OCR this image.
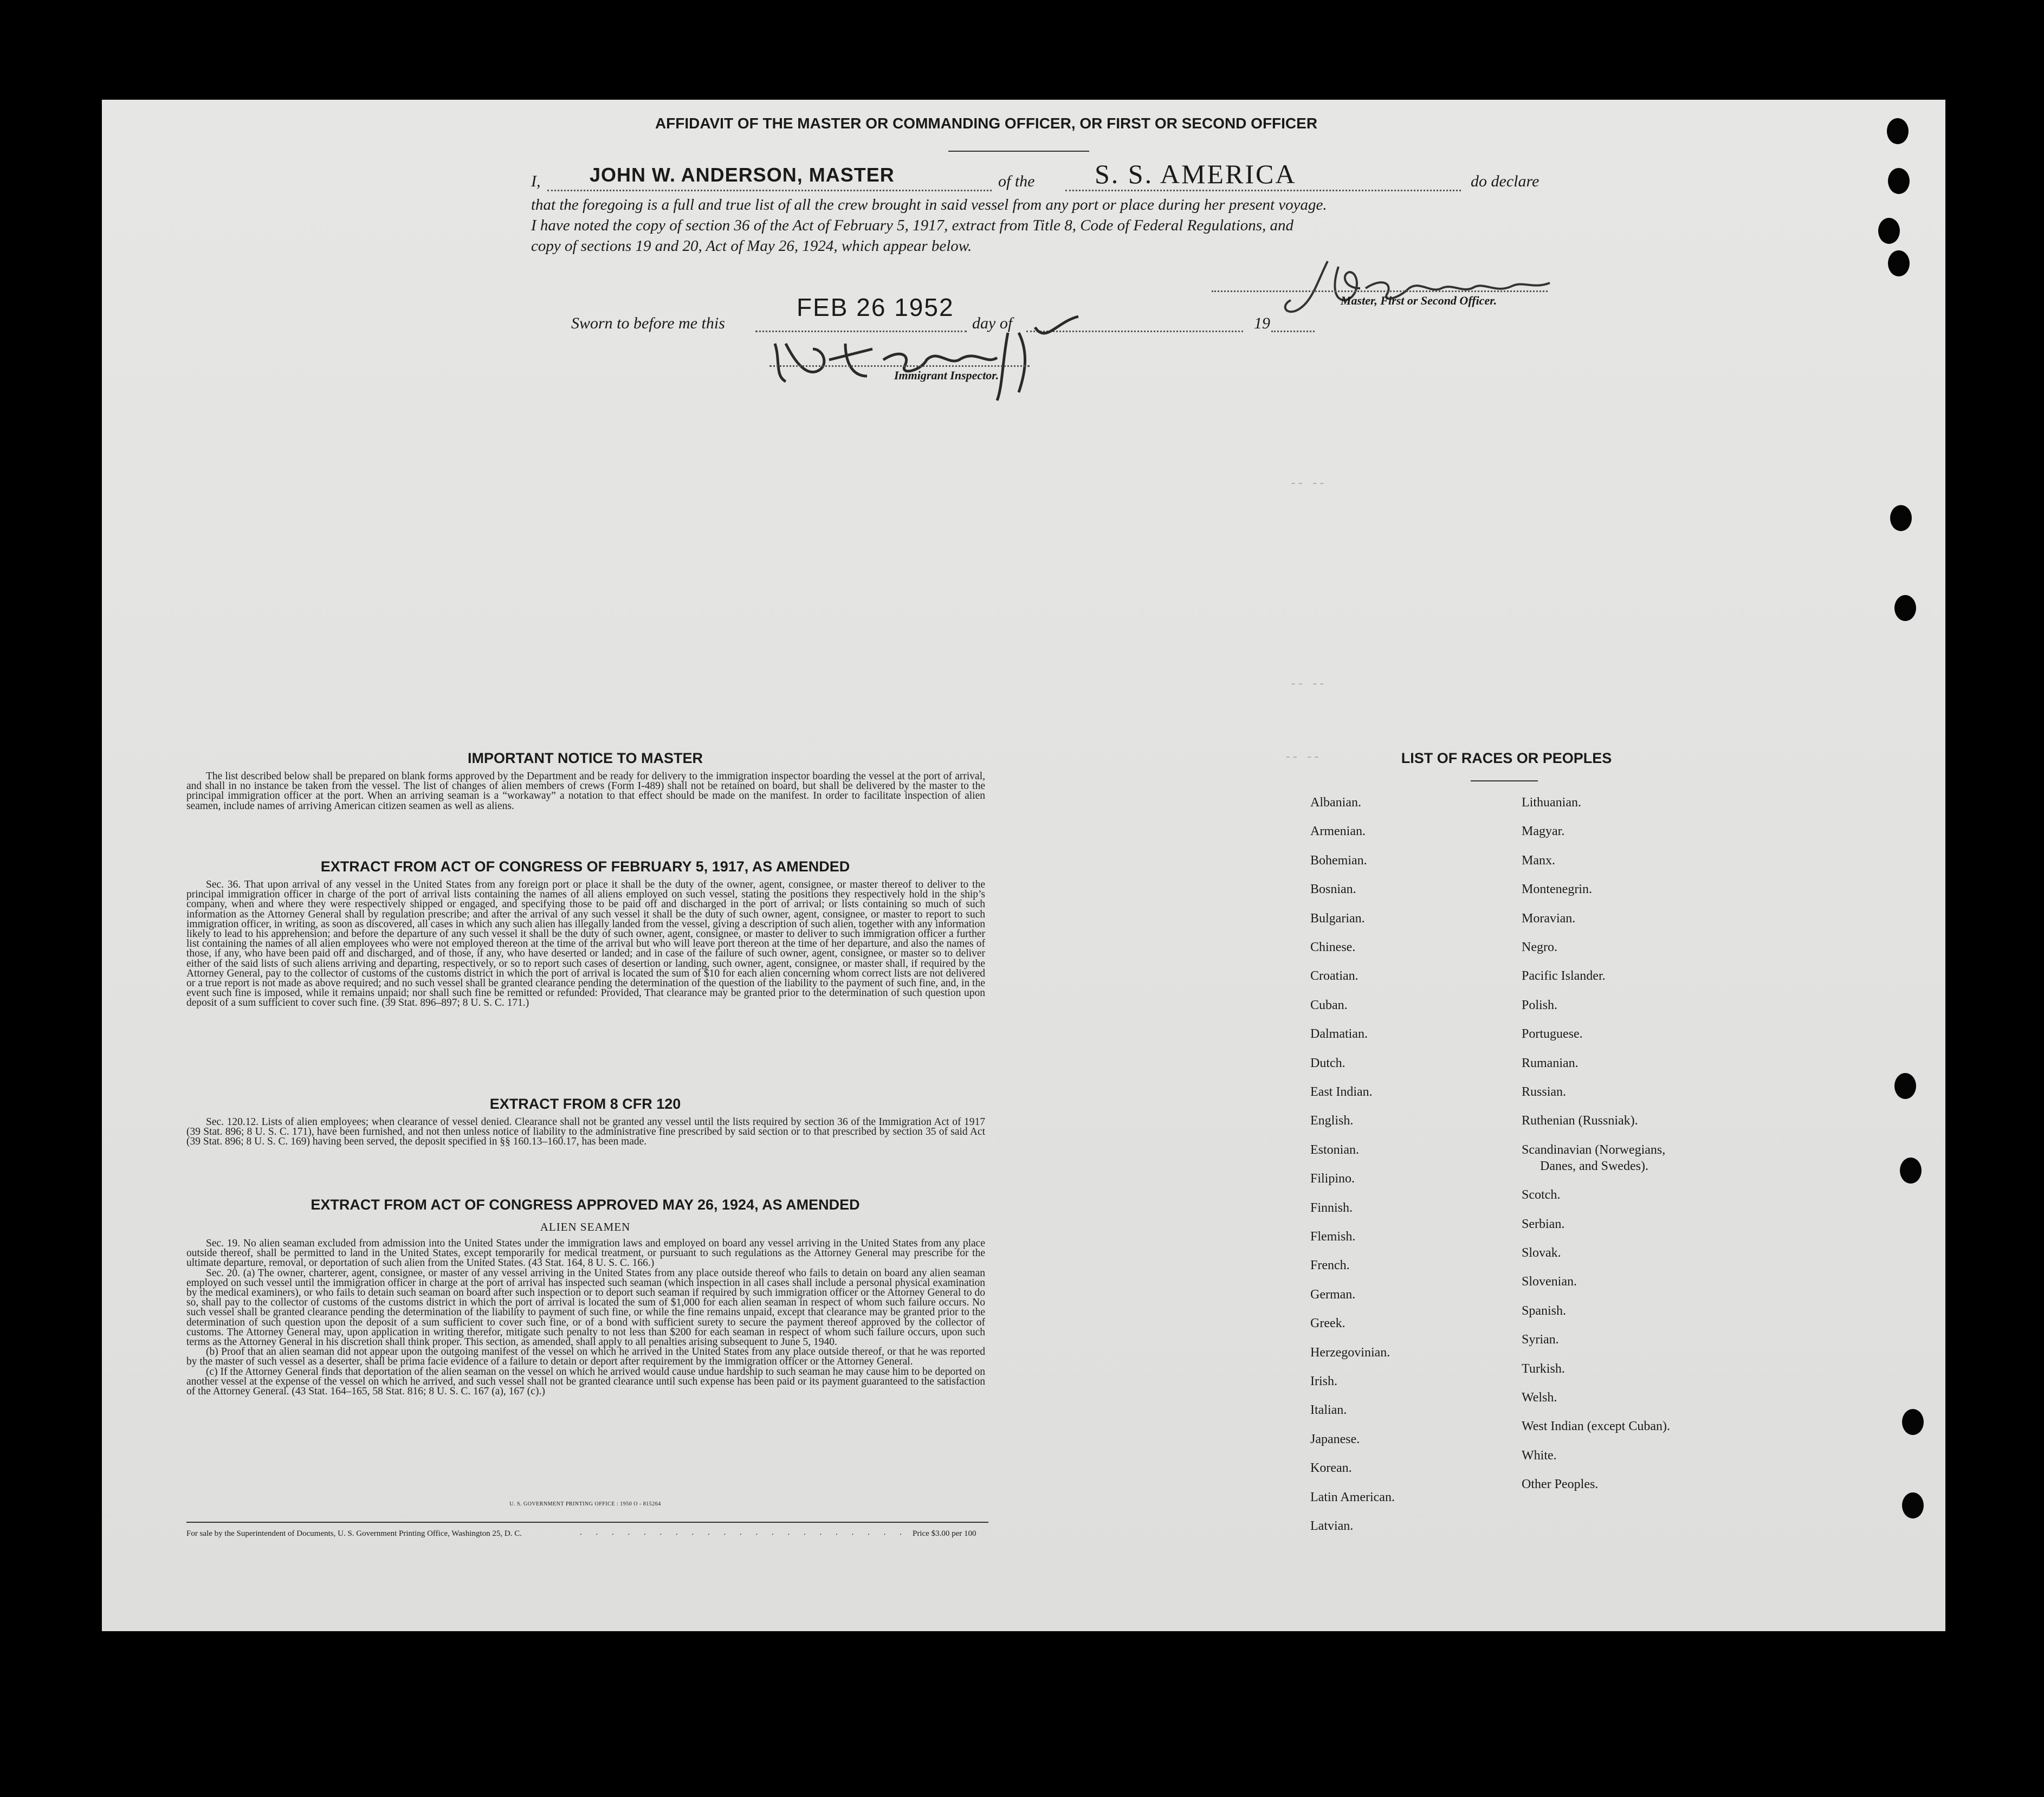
-- --
-- --
-- --
AFFIDAVIT OF THE MASTER OR COMMANDING OFFICER, OR FIRST OR SECOND OFFICER
I,	JOHN W. ANDERSON, MASTER	of the S. S. AMERICA	do declare
that the foregoing is a full and true list of all the crew brought in said vessel from any port or place during her present voyage.
I have noted the copy of section 36 of the Act of February 5, 1917, extract from Title 8, Code of Federal Regulations, and
copy of sections 19 and 20, Act of May 26, 1924, which appear below.
Master, First or Second Officer.
Sworn to before me this
FEB 26 1952
day of	19
Immigrant Inspector.
IMPORTANT NOTICE TO MASTER

The list described below shall be prepared on blank forms approved by the Department and be ready for delivery to the immigration inspector boarding the vessel at the port of arrival, and shall in no instance be taken from the vessel. The list of changes of alien members of crews (Form I-489) shall not be retained on board, but shall be delivered by the master to the principal immigration officer at the port. When an arriving seaman is a “workaway” a notation to that effect should be made on the manifest. In order to facilitate inspection of alien seamen, include names of arriving American citizen seamen as well as aliens.

EXTRACT FROM ACT OF CONGRESS OF FEBRUARY 5, 1917, AS AMENDED

Sec. 36. That upon arrival of any vessel in the United States from any foreign port or place it shall be the duty of the owner, agent, consignee, or master thereof to deliver to the principal immigration officer in charge of the port of arrival lists containing the names of all aliens employed on such vessel, stating the positions they respectively hold in the ship’s company, when and where they were respectively shipped or engaged, and specifying those to be paid off and discharged in the port of arrival; or lists containing so much of such information as the Attorney General shall by regulation prescribe; and after the arrival of any such vessel it shall be the duty of such owner, agent, consignee, or master to report to such immigration officer, in writing, as soon as discovered, all cases in which any such alien has illegally landed from the vessel, giving a description of such alien, together with any information likely to lead to his apprehension; and before the departure of any such vessel it shall be the duty of such owner, agent, consignee, or master to deliver to such immigration officer a further list containing the names of all alien employees who were not employed thereon at the time of the arrival but who will leave port thereon at the time of her departure, and also the names of those, if any, who have been paid off and discharged, and of those, if any, who have deserted or landed; and in case of the failure of such owner, agent, consignee, or master so to deliver either of the said lists of such aliens arriving and departing, respectively, or so to report such cases of desertion or landing, such owner, agent, consignee, or master shall, if required by the Attorney General, pay to the collector of customs of the customs district in which the port of arrival is located the sum of $10 for each alien concerning whom correct lists are not delivered or a true report is not made as above required; and no such vessel shall be granted clearance pending the determination of the question of the liability to the payment of such fine, and, in the event such fine is imposed, while it remains unpaid; nor shall such fine be remitted or refunded: Provided, That clearance may be granted prior to the determination of such question upon deposit of a sum sufficient to cover such fine. (39 Stat. 896–897; 8 U. S. C. 171.)

EXTRACT FROM 8 CFR 120

Sec. 120.12. Lists of alien employees; when clearance of vessel denied. Clearance shall not be granted any vessel until the lists required by section 36 of the Immigration Act of 1917 (39 Stat. 896; 8 U. S. C. 171), have been furnished, and not then unless notice of liability to the administrative fine prescribed by said section or to that prescribed by section 35 of said Act (39 Stat. 896; 8 U. S. C. 169) having been served, the deposit specified in §§ 160.13–160.17, has been made.

EXTRACT FROM ACT OF CONGRESS APPROVED MAY 26, 1924, AS AMENDED
ALIEN SEAMEN

Sec. 19. No alien seaman excluded from admission into the United States under the immigration laws and employed on board any vessel arriving in the United States from any place outside thereof, shall be permitted to land in the United States, except temporarily for medical treatment, or pursuant to such regulations as the Attorney General may prescribe for the ultimate departure, removal, or deportation of such alien from the United States. (43 Stat. 164, 8 U. S. C. 166.)

Sec. 20. (a) The owner, charterer, agent, consignee, or master of any vessel arriving in the United States from any place outside thereof who fails to detain on board any alien seaman employed on such vessel until the immigration officer in charge at the port of arrival has inspected such seaman (which inspection in all cases shall include a personal physical examination by the medical examiners), or who fails to detain such seaman on board after such inspection or to deport such seaman if required by such immigration officer or the Attorney General to do so, shall pay to the collector of customs of the customs district in which the port of arrival is located the sum of $1,000 for each alien seaman in respect of whom such failure occurs. No such vessel shall be granted clearance pending the determination of the liability to payment of such fine, or while the fine remains unpaid, except that clearance may be granted prior to the determination of such question upon the deposit of a sum sufficient to cover such fine, or of a bond with sufficient surety to secure the payment thereof approved by the collector of customs. The Attorney General may, upon application in writing therefor, mitigate such penalty to not less than $200 for each seaman in respect of whom such failure occurs, upon such terms as the Attorney General in his discretion shall think proper. This section, as amended, shall apply to all penalties arising subsequent to June 5, 1940.

(b) Proof that an alien seaman did not appear upon the outgoing manifest of the vessel on which he arrived in the United States from any place outside thereof, or that he was reported by the master of such vessel as a deserter, shall be prima facie evidence of a failure to detain or deport after requirement by the immigration officer or the Attorney General.

(c) If the Attorney General finds that deportation of the alien seaman on the vessel on which he arrived would cause undue hardship to such seaman he may cause him to be deported on another vessel at the expense of the vessel on which he arrived, and such vessel shall not be granted clearance until such expense has been paid or its payment guaranteed to the satisfaction of the Attorney General. (43 Stat. 164–165, 58 Stat. 816; 8 U. S. C. 167 (a), 167 (c).)

U. S. GOVERNMENT PRINTING OFFICE : 1950 O - 815264
For sale by the Superintendent of Documents, U. S. Government Printing Office, Washington 25, D. C.	. . . . . . . . . . . . . . . . . . . . . Price $3.00 per 100
LIST OF RACES OR PEOPLES
Albanian.
Armenian.
Bohemian.
Bosnian.
Bulgarian.
Chinese.
Croatian.
Cuban.
Dalmatian.
Dutch.
East Indian.
English.
Estonian.
Filipino.
Finnish.
Flemish.
French.
German.
Greek.
Herzegovinian.
Irish.
Italian.
Japanese.
Korean.
Latin American.
Latvian.
Lithuanian.
Magyar.
Manx.
Montenegrin.
Moravian.
Negro.
Pacific Islander.
Polish.
Portuguese.
Rumanian.
Russian.
Ruthenian (Russniak).
Scandinavian (Norwegians,
Danes, and Swedes).
Scotch.
Serbian.
Slovak.
Slovenian.
Spanish.
Syrian.
Turkish.
Welsh.
West Indian (except Cuban).
White.
Other Peoples.
